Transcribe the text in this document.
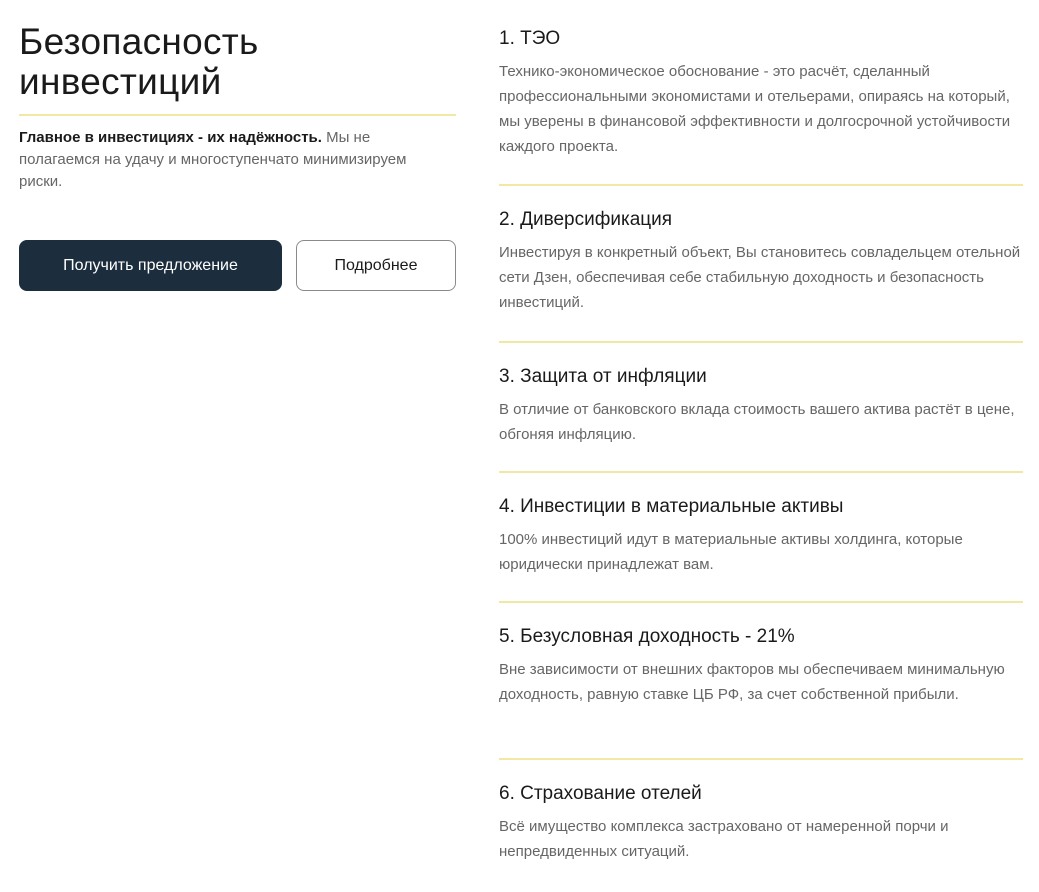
Безопасность инвестиций
Главное в инвестициях - их надёжность. Мы не полагаемся на удачу и многоступенчато минимизируем риски.
Получить предложение	Подробнее
1. ТЭО
Технико-экономическое обоснование - это расчёт, сделанный профессиональными экономистами и отельерами, опираясь на который, мы уверены в финансовой эффективности и долгосрочной устойчивости каждого проекта.
2. Диверсификация
Инвестируя в конкретный объект, Вы становитесь совладельцем отельной сети Дзен, обеспечивая себе стабильную доходность и безопасность инвестиций.
3. Защита от инфляции
В отличие от банковского вклада стоимость вашего актива растёт в цене, обгоняя инфляцию.
4. Инвестиции в материальные активы
100% инвестиций идут в материальные активы холдинга, которые юридически принадлежат вам.
5. Безусловная доходность - 21%
Вне зависимости от внешних факторов мы обеспечиваем минимальную доходность, равную ставке ЦБ РФ, за счет собственной прибыли.
6. Страхование отелей
Всё имущество комплекса застраховано от намеренной порчи и непредвиденных ситуаций.
